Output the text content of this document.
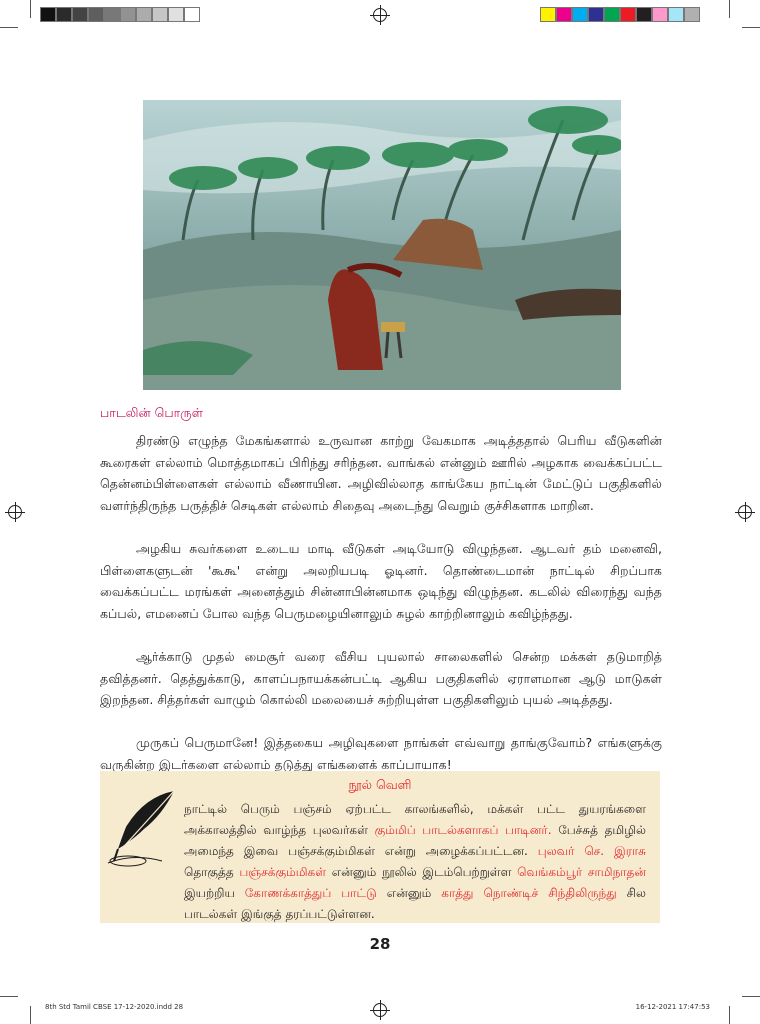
பாடலின் பொருள்

திரண்டு எழுந்த மேகங்களால் உருவான காற்று வேகமாக அடித்ததால் பெரிய வீடுகளின் கூரைகள் எல்லாம் மொத்தமாகப் பிரிந்து சரிந்தன. வாங்கல் என்னும் ஊரில் அழகாக வைக்கப்பட்ட தென்னம்பிள்ளைகள் எல்லாம் வீணாயின. அழிவில்லாத காங்கேய நாட்டின் மேட்டுப் பகுதிகளில் வளர்ந்திருந்த பருத்திச் செடிகள் எல்லாம் சிதைவு அடைந்து வெறும் குச்சிகளாக மாறின.

அழகிய சுவர்களை உடைய மாடி வீடுகள் அடியோடு விழுந்தன. ஆடவர் தம் மனைவி, பிள்ளைகளுடன் 'கூகூ' என்று அலறியபடி ஓடினர். தொண்டைமான் நாட்டில் சிறப்பாக வைக்கப்பட்ட மரங்கள் அனைத்தும் சின்னாபின்னமாக ஒடிந்து விழுந்தன. கடலில் விரைந்து வந்த கப்பல், எமனைப் போல வந்த பெருமழையினாலும் சுழல் காற்றினாலும் கவிழ்ந்தது.

ஆர்க்காடு முதல் மைசூர் வரை வீசிய புயலால் சாலைகளில் சென்ற மக்கள் தடுமாறித் தவித்தனர். தெத்துக்காடு, காளப்பநாயக்கன்பட்டி ஆகிய பகுதிகளில் ஏராளமான ஆடு மாடுகள் இறந்தன. சித்தர்கள் வாழும் கொல்லி மலையைச் சுற்றியுள்ள பகுதிகளிலும் புயல் அடித்தது.

முருகப் பெருமானே! இத்தகைய அழிவுகளை நாங்கள் எவ்வாறு தாங்குவோம்? எங்களுக்கு வருகின்ற இடர்களை எல்லாம் தடுத்து எங்களைக் காப்பாயாக!

நூல் வெளி
நாட்டில் பெரும் பஞ்சம் ஏற்பட்ட காலங்களில், மக்கள் பட்ட துயரங்களை அக்காலத்தில் வாழ்ந்த புலவர்கள் கும்மிப் பாடல்களாகப் பாடினர். பேச்சுத் தமிழில் அமைந்த இவை பஞ்சக்கும்மிகள் என்று அழைக்கப்பட்டன. புலவர் செ. இராசு தொகுத்த பஞ்சக்கும்மிகள் என்னும் நூலில் இடம்பெற்றுள்ள வெங்கம்பூர் சாமிநாதன் இயற்றிய கோணக்காத்துப் பாட்டு என்னும் காத்து நொண்டிச் சிந்திலிருந்து சில பாடல்கள் இங்குத் தரப்பட்டுள்ளன.
28
8th Std Tamil CBSE 17-12-2020.indd 28	16-12-2021 17:47:53
